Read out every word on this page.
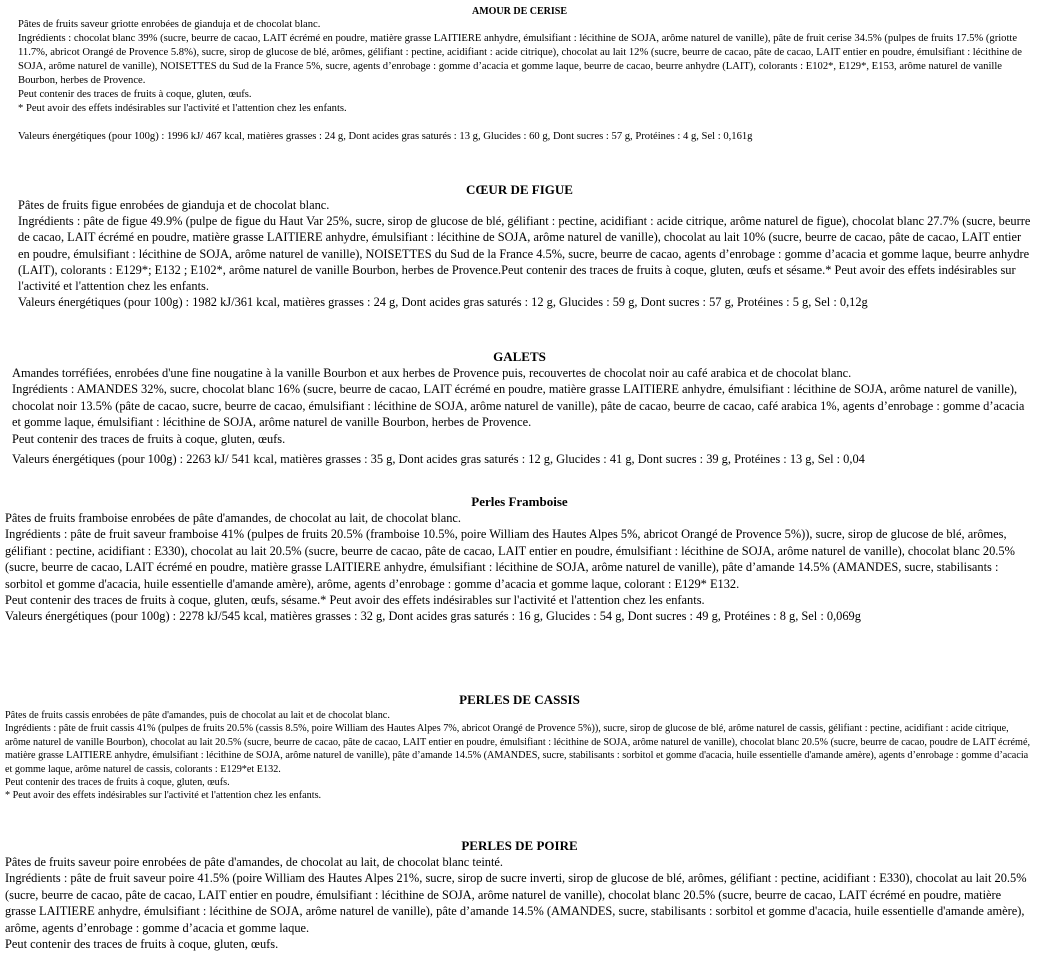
AMOUR DE CERISE

Pâtes de fruits saveur griotte enrobées de gianduja et de chocolat blanc.

Ingrédients : chocolat blanc 39% (sucre, beurre de cacao, LAIT écrémé en poudre, matière grasse LAITIERE anhydre, émulsifiant : lécithine de SOJA, arôme naturel de vanille), pâte de fruit cerise 34.5% (pulpes de fruits 17.5% (griotte 11.7%, abricot Orangé de Provence 5.8%), sucre, sirop de glucose de blé, arômes, gélifiant : pectine, acidifiant : acide citrique), chocolat au lait 12% (sucre, beurre de cacao, pâte de cacao, LAIT entier en poudre, émulsifiant : lécithine de SOJA, arôme naturel de vanille), NOISETTES du Sud de la France 5%, sucre, agents d’enrobage : gomme d’acacia et gomme laque, beurre de cacao, beurre anhydre (LAIT), colorants : E102*, E129*, E153, arôme naturel de vanille Bourbon, herbes de Provence.

Peut contenir des traces de fruits à coque, gluten, œufs.

* Peut avoir des effets indésirables sur l'activité et l'attention chez les enfants.

Valeurs énergétiques (pour 100g) : 1996 kJ/ 467 kcal, matières grasses : 24 g, Dont acides gras saturés : 13 g, Glucides : 60 g, Dont sucres : 57 g, Protéines : 4 g, Sel : 0,161g

CŒUR DE FIGUE

Pâtes de fruits figue enrobées de gianduja et de chocolat blanc.

Ingrédients : pâte de figue 49.9% (pulpe de figue du Haut Var 25%, sucre, sirop de glucose de blé, gélifiant : pectine, acidifiant : acide citrique, arôme naturel de figue), chocolat blanc 27.7% (sucre, beurre de cacao, LAIT écrémé en poudre, matière grasse LAITIERE anhydre, émulsifiant : lécithine de SOJA, arôme naturel de vanille), chocolat au lait 10% (sucre, beurre de cacao, pâte de cacao, LAIT entier en poudre, émulsifiant : lécithine de SOJA, arôme naturel de vanille), NOISETTES du Sud de la France 4.5%, sucre, beurre de cacao, agents d’enrobage : gomme d’acacia et gomme laque, beurre anhydre (LAIT), colorants : E129*; E132 ; E102*, arôme naturel de vanille Bourbon, herbes de Provence.Peut contenir des traces de fruits à coque, gluten, œufs et sésame.* Peut avoir des effets indésirables sur l'activité et l'attention chez les enfants.

Valeurs énergétiques (pour 100g) : 1982 kJ/361 kcal, matières grasses : 24 g, Dont acides gras saturés : 12 g, Glucides : 59 g, Dont sucres : 57 g, Protéines : 5 g, Sel : 0,12g

GALETS

Amandes torréfiées, enrobées d'une fine nougatine à la vanille Bourbon et aux herbes de Provence puis, recouvertes de chocolat noir au café arabica et de chocolat blanc.

Ingrédients : AMANDES 32%, sucre, chocolat blanc 16% (sucre, beurre de cacao, LAIT écrémé en poudre, matière grasse LAITIERE anhydre, émulsifiant : lécithine de SOJA, arôme naturel de vanille), chocolat noir 13.5% (pâte de cacao, sucre, beurre de cacao, émulsifiant : lécithine de SOJA, arôme naturel de vanille), pâte de cacao, beurre de cacao, café arabica 1%, agents d’enrobage : gomme d’acacia et gomme laque, émulsifiant : lécithine de SOJA, arôme naturel de vanille Bourbon, herbes de Provence.

Peut contenir des traces de fruits à coque, gluten, œufs.

Valeurs énergétiques (pour 100g) : 2263 kJ/ 541 kcal, matières grasses : 35 g, Dont acides gras saturés : 12 g, Glucides : 41 g, Dont sucres : 39 g, Protéines : 13 g, Sel : 0,04

Perles Framboise

Pâtes de fruits framboise enrobées de pâte d'amandes, de chocolat au lait, de chocolat blanc.

Ingrédients : pâte de fruit saveur framboise 41% (pulpes de fruits 20.5% (framboise 10.5%, poire William des Hautes Alpes 5%, abricot Orangé de Provence 5%)), sucre, sirop de glucose de blé, arômes, gélifiant : pectine, acidifiant : E330), chocolat au lait 20.5% (sucre, beurre de cacao, pâte de cacao, LAIT entier en poudre, émulsifiant : lécithine de SOJA, arôme naturel de vanille), chocolat blanc 20.5% (sucre, beurre de cacao, LAIT écrémé en poudre, matière grasse LAITIERE anhydre, émulsifiant : lécithine de SOJA, arôme naturel de vanille), pâte d’amande 14.5% (AMANDES, sucre, stabilisants : sorbitol et gomme d'acacia, huile essentielle d'amande amère), arôme, agents d’enrobage : gomme d’acacia et gomme laque, colorant : E129* E132.

Peut contenir des traces de fruits à coque, gluten, œufs, sésame.* Peut avoir des effets indésirables sur l'activité et l'attention chez les enfants.

Valeurs énergétiques (pour 100g) : 2278 kJ/545 kcal, matières grasses : 32 g, Dont acides gras saturés : 16 g, Glucides : 54 g, Dont sucres : 49 g, Protéines : 8 g, Sel : 0,069g

PERLES DE CASSIS

Pâtes de fruits cassis enrobées de pâte d'amandes, puis de chocolat au lait et de chocolat blanc.

Ingrédients : pâte de fruit cassis 41% (pulpes de fruits 20.5% (cassis 8.5%, poire William des Hautes Alpes 7%, abricot Orangé de Provence 5%)), sucre, sirop de glucose de blé, arôme naturel de cassis, gélifiant : pectine, acidifiant : acide citrique, arôme naturel de vanille Bourbon), chocolat au lait 20.5% (sucre, beurre de cacao, pâte de cacao, LAIT entier en poudre, émulsifiant : lécithine de SOJA, arôme naturel de vanille), chocolat blanc 20.5% (sucre, beurre de cacao, poudre de LAIT écrémé, matière grasse LAITIERE anhydre, émulsifiant : lécithine de SOJA, arôme naturel de vanille), pâte d’amande 14.5% (AMANDES, sucre, stabilisants : sorbitol et gomme d'acacia, huile essentielle d'amande amère), agents d’enrobage : gomme d’acacia et gomme laque, arôme naturel de cassis, colorants : E129*et E132.

Peut contenir des traces de fruits à coque, gluten, œufs.

* Peut avoir des effets indésirables sur l'activité et l'attention chez les enfants.

PERLES DE POIRE

Pâtes de fruits saveur poire enrobées de pâte d'amandes, de chocolat au lait, de chocolat blanc teinté.

Ingrédients : pâte de fruit saveur poire 41.5% (poire William des Hautes Alpes 21%, sucre, sirop de sucre inverti, sirop de glucose de blé, arômes, gélifiant : pectine, acidifiant : E330), chocolat au lait 20.5% (sucre, beurre de cacao, pâte de cacao, LAIT entier en poudre, émulsifiant : lécithine de SOJA, arôme naturel de vanille), chocolat blanc 20.5% (sucre, beurre de cacao, LAIT écrémé en poudre, matière grasse LAITIERE anhydre, émulsifiant : lécithine de SOJA, arôme naturel de vanille), pâte d’amande 14.5% (AMANDES, sucre, stabilisants : sorbitol et gomme d'acacia, huile essentielle d'amande amère), arôme, agents d’enrobage : gomme d’acacia et gomme laque.

Peut contenir des traces de fruits à coque, gluten, œufs.
